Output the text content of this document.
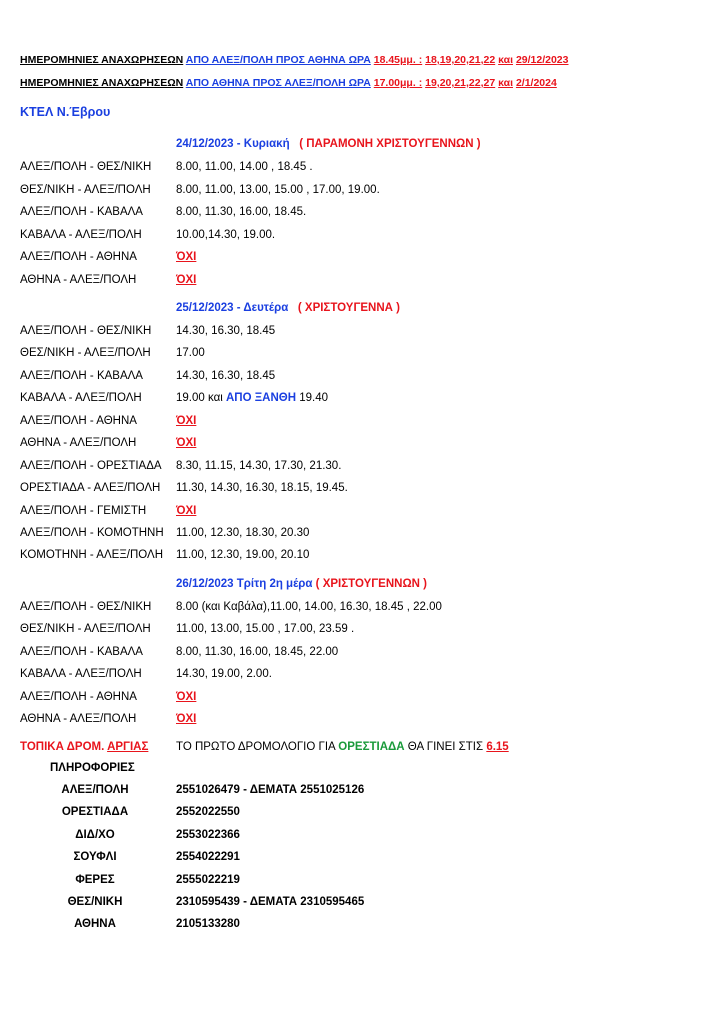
ΗΜΕΡΟΜΗΝΙΕΣ ΑΝΑΧΩΡΗΣΕΩΝ ΑΠΟ ΑΛΕΞ/ΠΟΛΗ ΠΡΟΣ ΑΘΗΝΑ ΩΡΑ 18.45μμ. : 18,19,20,21,22 και 29/12/2023
ΗΜΕΡΟΜΗΝΙΕΣ ΑΝΑΧΩΡΗΣΕΩΝ ΑΠΟ ΑΘΗΝΑ ΠΡΟΣ ΑΛΕΞ/ΠΟΛΗ ΩΡΑ 17.00μμ. : 19,20,21,22,27 και 2/1/2024
ΚΤΕΛ Ν.Έβρου
24/12/2023 - Κυριακή ( ΠΑΡΑΜΟΝΗ ΧΡΙΣΤΟΥΓΕΝΝΩΝ )
ΑΛΕΞ/ΠΟΛΗ - ΘΕΣ/ΝΙΚΗ 8.00, 11.00, 14.00 , 18.45 .
ΘΕΣ/ΝΙΚΗ - ΑΛΕΞ/ΠΟΛΗ 8.00, 11.00, 13.00, 15.00 , 17.00, 19.00.
ΑΛΕΞ/ΠΟΛΗ - ΚΑΒΑΛΑ	8.00, 11.30, 16.00, 18.45.
ΚΑΒΑΛΑ - ΑΛΕΞ/ΠΟΛΗ	10.00,14.30, 19.00.
ΑΛΕΞ/ΠΟΛΗ - ΑΘΗΝΑ	ΌΧΙ
ΑΘΗΝΑ - ΑΛΕΞ/ΠΟΛΗ	ΌΧΙ
25/12/2023 - Δευτέρα ( ΧΡΙΣΤΟΥΓΕΝΝΑ )
ΑΛΕΞ/ΠΟΛΗ - ΘΕΣ/ΝΙΚΗ 14.30, 16.30, 18.45
ΘΕΣ/ΝΙΚΗ - ΑΛΕΞ/ΠΟΛΗ 17.00
ΑΛΕΞ/ΠΟΛΗ - ΚΑΒΑΛΑ	14.30, 16.30, 18.45
ΚΑΒΑΛΑ - ΑΛΕΞ/ΠΟΛΗ	19.00 και ΑΠΟ ΞΑΝΘΗ 19.40
ΑΛΕΞ/ΠΟΛΗ - ΑΘΗΝΑ	ΌΧΙ
ΑΘΗΝΑ - ΑΛΕΞ/ΠΟΛΗ	ΌΧΙ
ΑΛΕΞ/ΠΟΛΗ - ΟΡΕΣΤΙΑΔΑ 8.30, 11.15, 14.30, 17.30, 21.30.
ΟΡΕΣΤΙΑΔΑ - ΑΛΕΞ/ΠΟΛΗ 11.30, 14.30, 16.30, 18.15, 19.45.
ΑΛΕΞ/ΠΟΛΗ - ΓΕΜΙΣΤΗ	ΌΧΙ
ΑΛΕΞ/ΠΟΛΗ - ΚΟΜΟΤΗΝΗ 11.00, 12.30, 18.30, 20.30
ΚΟΜΟΤΗΝΗ - ΑΛΕΞ/ΠΟΛΗ 11.00, 12.30, 19.00, 20.10
26/12/2023 Τρίτη 2η μέρα ( ΧΡΙΣΤΟΥΓΕΝΝΩΝ )
ΑΛΕΞ/ΠΟΛΗ - ΘΕΣ/ΝΙΚΗ 8.00 (και Καβάλα),11.00, 14.00, 16.30, 18.45 , 22.00
ΘΕΣ/ΝΙΚΗ - ΑΛΕΞ/ΠΟΛΗ 11.00, 13.00, 15.00 , 17.00, 23.59 .
ΑΛΕΞ/ΠΟΛΗ - ΚΑΒΑΛΑ	8.00, 11.30, 16.00, 18.45, 22.00
ΚΑΒΑΛΑ - ΑΛΕΞ/ΠΟΛΗ	14.30, 19.00, 2.00.
ΑΛΕΞ/ΠΟΛΗ - ΑΘΗΝΑ	ΌΧΙ
ΑΘΗΝΑ - ΑΛΕΞ/ΠΟΛΗ	ΌΧΙ
ΤΟΠΙΚΑ ΔΡΟΜ. ΑΡΓΙΑΣ ΤΟ ΠΡΩΤΟ ΔΡΟΜΟΛΟΓΙΟ ΓΙΑ ΟΡΕΣΤΙΑΔΑ ΘΑ ΓΙΝΕΙ ΣΤΙΣ 6.15
ΠΛΗΡΟΦΟΡΙΕΣ
ΑΛΕΞ/ΠΟΛΗ	2551026479 - ΔΕΜΑΤΑ 2551025126
ΟΡΕΣΤΙΑΔΑ	2552022550
ΔΙΔ/ΧΟ	2553022366
ΣΟΥΦΛΙ	2554022291
ΦΕΡΕΣ	2555022219
ΘΕΣ/ΝΙΚΗ	2310595439 - ΔΕΜΑΤΑ 2310595465
ΑΘΗΝΑ	2105133280
